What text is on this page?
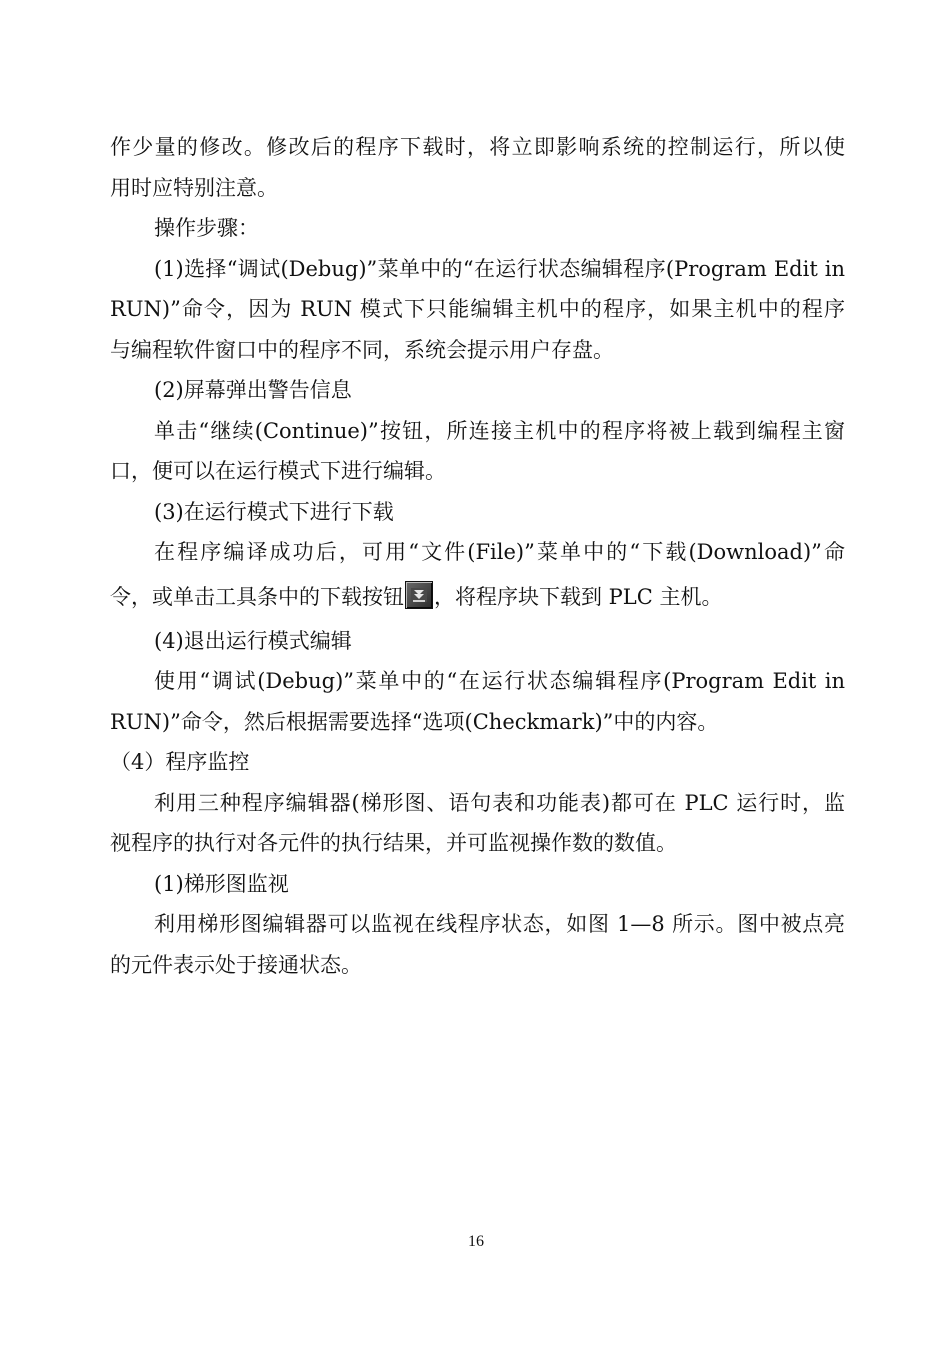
作少量的修改。修改后的程序下载时，将立即影响系统的控制运行，所以使
用时应特别注意。
操作步骤：
(1)选择“调试(Debug)”菜单中的“在运行状态编辑程序(Program Edit in
RUN)”命令，因为 RUN 模式下只能编辑主机中的程序，如果主机中的程序
与编程软件窗口中的程序不同，系统会提示用户存盘。
(2)屏幕弹出警告信息
单击“继续(Continue)”按钮，所连接主机中的程序将被上载到编程主窗
口，便可以在运行模式下进行编辑。
(3)在运行模式下进行下载
在程序编译成功后，可用“文件(File)”菜单中的“下载(Download)”命
令，或单击工具条中的下载按钮 ，将程序块下载到 PLC 主机。
(4)退出运行模式编辑
使用“调试(Debug)”菜单中的“在运行状态编辑程序(Program Edit in
RUN)”命令，然后根据需要选择“选项(Checkmark)”中的内容。
（4）程序监控
利用三种程序编辑器(梯形图、语句表和功能表)都可在 PLC 运行时，监
视程序的执行对各元件的执行结果，并可监视操作数的数值。
(1)梯形图监视
利用梯形图编辑器可以监视在线程序状态，如图 1—8 所示。图中被点亮
的元件表示处于接通状态。
16
